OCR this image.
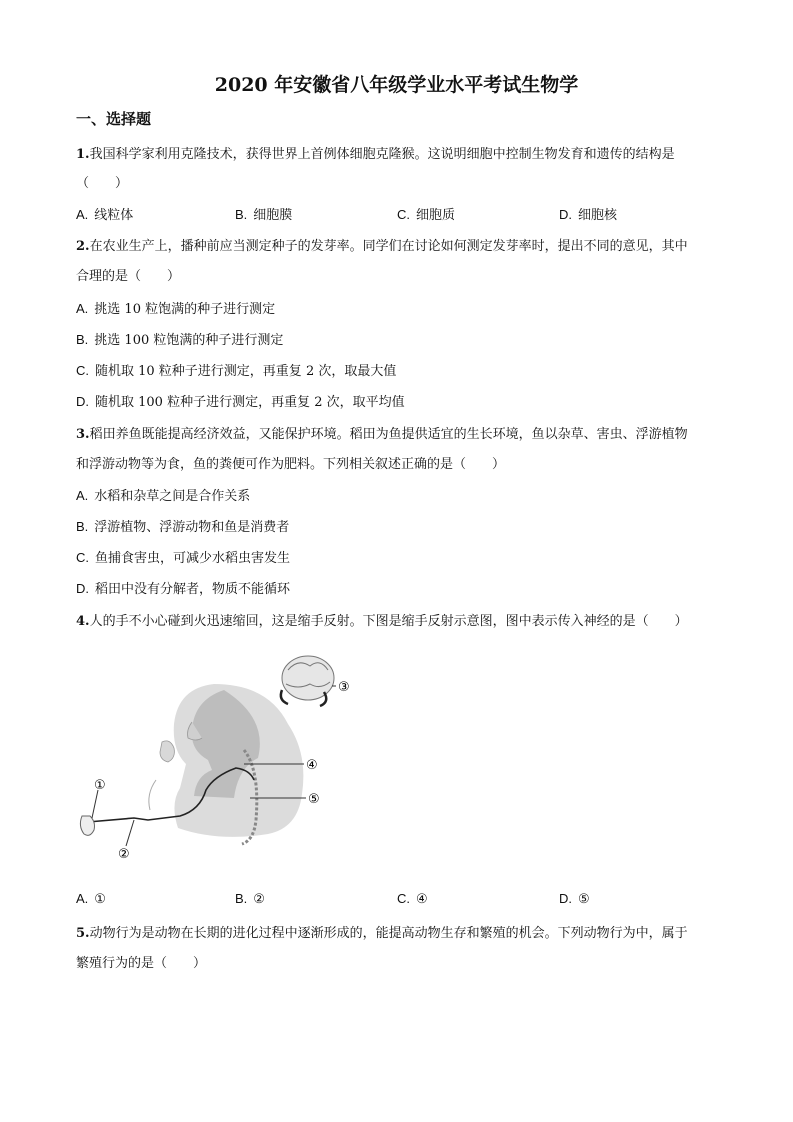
2020 年安徽省八年级学业水平考试生物学
一、选择题
1.我国科学家利用克隆技术，获得世界上首例体细胞克隆猴。这说明细胞中控制生物发育和遗传的结构是
（　　）
A. 线粒体	B. 细胞膜	C. 细胞质	D. 细胞核
2.在农业生产上，播种前应当测定种子的发芽率。同学们在讨论如何测定发芽率时，提出不同的意见，其中
合理的是（　　）
A. 挑选 10 粒饱满的种子进行测定
B. 挑选 100 粒饱满的种子进行测定
C. 随机取 10 粒种子进行测定，再重复 2 次，取最大值
D. 随机取 100 粒种子进行测定，再重复 2 次，取平均值
3.稻田养鱼既能提高经济效益，又能保护环境。稻田为鱼提供适宜的生长环境，鱼以杂草、害虫、浮游植物
和浮游动物等为食，鱼的粪便可作为肥料。下列相关叙述正确的是（　　）
A. 水稻和杂草之间是合作关系
B. 浮游植物、浮游动物和鱼是消费者
C. 鱼捕食害虫，可减少水稻虫害发生
D. 稻田中没有分解者，物质不能循环
4.人的手不小心碰到火迅速缩回，这是缩手反射。下图是缩手反射示意图，图中表示传入神经的是（　　）
③
④
⑤
①
②
A. ①	B. ②	C. ④	D. ⑤
5.动物行为是动物在长期的进化过程中逐渐形成的，能提高动物生存和繁殖的机会。下列动物行为中，属于
繁殖行为的是（　　）
